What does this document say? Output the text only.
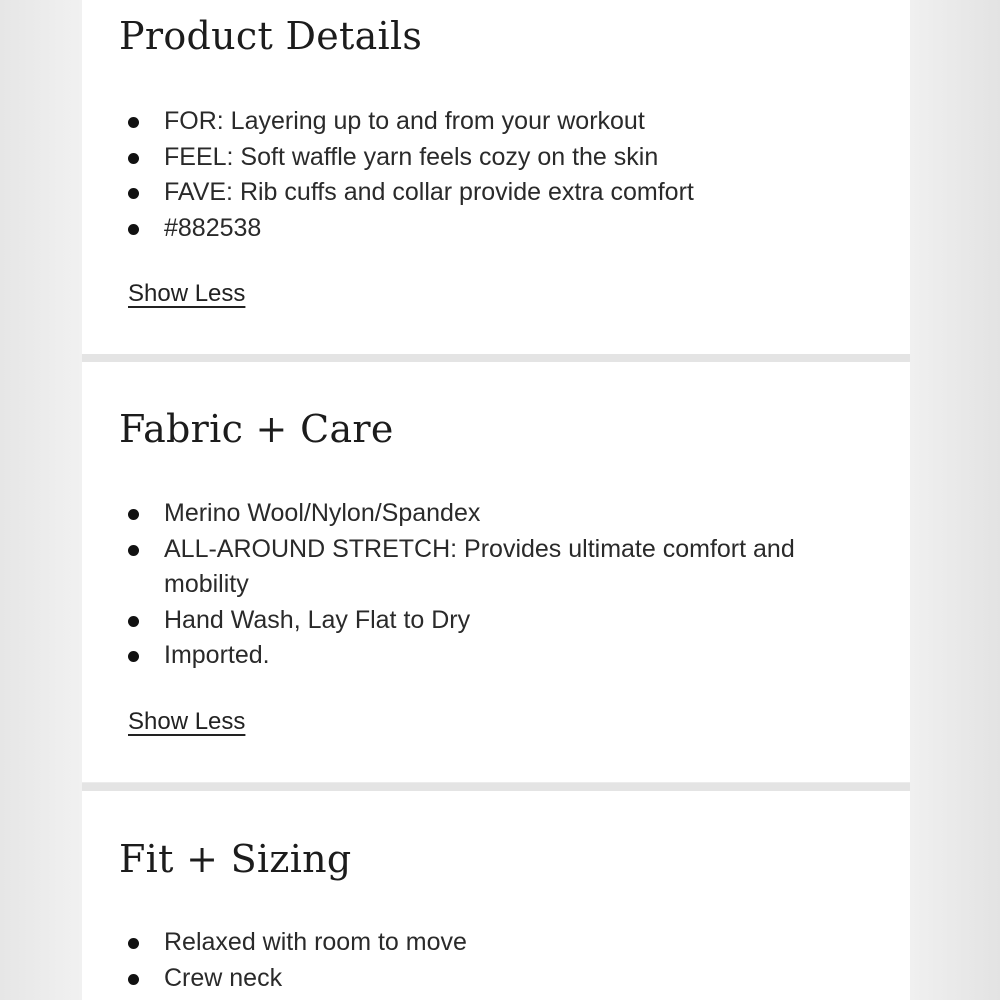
Product Details
FOR: Layering up to and from your workout
FEEL: Soft waffle yarn feels cozy on the skin
FAVE: Rib cuffs and collar provide extra comfort
#882538
Show Less
Fabric + Care
Merino Wool/Nylon/Spandex
ALL-AROUND STRETCH: Provides ultimate comfort and mobility
Hand Wash, Lay Flat to Dry
Imported.
Show Less
Fit + Sizing
Relaxed with room to move
Crew neck
